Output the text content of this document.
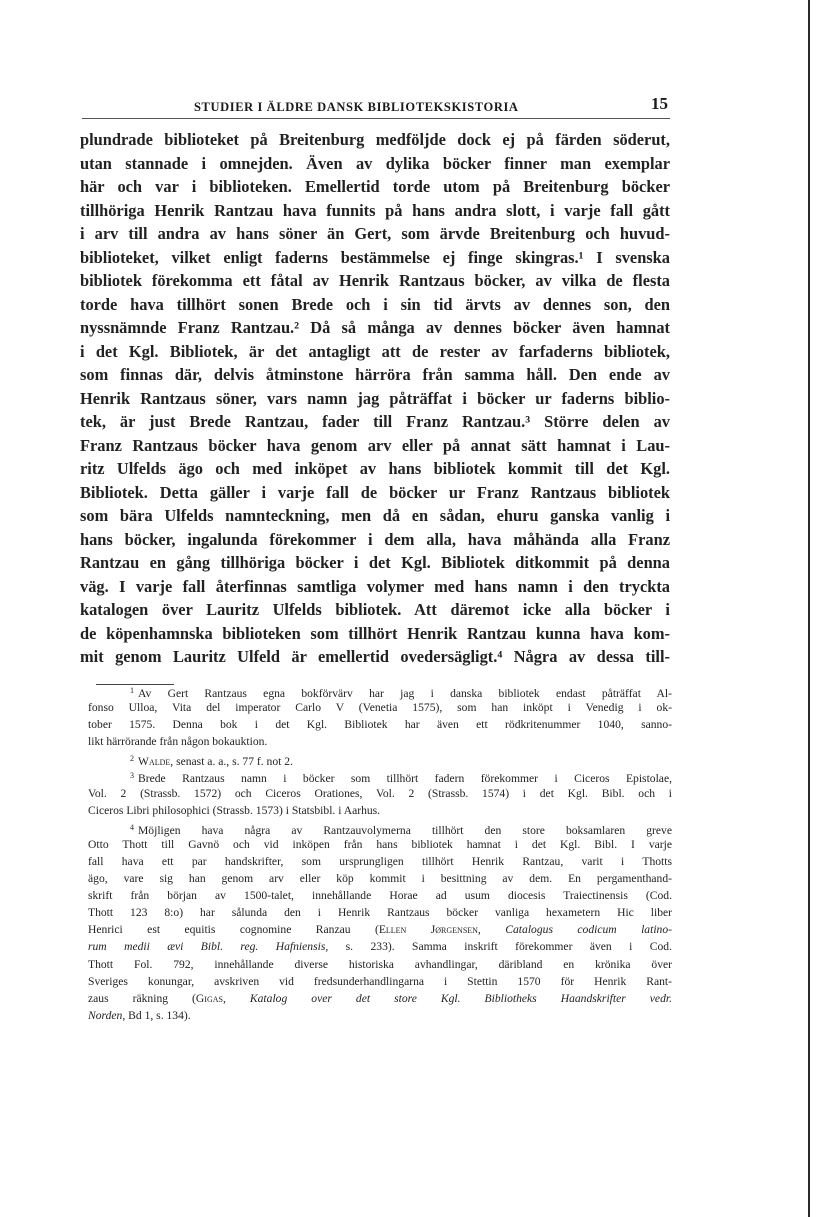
STUDIER I ÄLDRE DANSK BIBLIOTEKSKISTORIA	15
plundrade biblioteket på Breitenburg medföljde dock ej på färden söderut,
utan stannade i omnejden. Även av dylika böcker finner man exemplar
här och var i biblioteken. Emellertid torde utom på Breitenburg böcker
tillhöriga Henrik Rantzau hava funnits på hans andra slott, i varje fall gått
i arv till andra av hans söner än Gert, som ärvde Breitenburg och huvud-
biblioteket, vilket enligt faderns bestämmelse ej finge skingras.¹ I svenska
bibliotek förekomma ett fåtal av Henrik Rantzaus böcker, av vilka de flesta
torde hava tillhört sonen Brede och i sin tid ärvts av dennes son, den
nyssnämnde Franz Rantzau.² Då så många av dennes böcker även hamnat
i det Kgl. Bibliotek, är det antagligt att de rester av farfaderns bibliotek,
som finnas där, delvis åtminstone härröra från samma håll. Den ende av
Henrik Rantzaus söner, vars namn jag påträffat i böcker ur faderns biblio-
tek, är just Brede Rantzau, fader till Franz Rantzau.³ Större delen av
Franz Rantzaus böcker hava genom arv eller på annat sätt hamnat i Lau-
ritz Ulfelds ägo och med inköpet av hans bibliotek kommit till det Kgl.
Bibliotek. Detta gäller i varje fall de böcker ur Franz Rantzaus bibliotek
som bära Ulfelds namnteckning, men då en sådan, ehuru ganska vanlig i
hans böcker, ingalunda förekommer i dem alla, hava måhända alla Franz
Rantzau en gång tillhöriga böcker i det Kgl. Bibliotek ditkommit på denna
väg. I varje fall återfinnas samtliga volymer med hans namn i den tryckta
katalogen över Lauritz Ulfelds bibliotek. Att däremot icke alla böcker i
de köpenhamnska biblioteken som tillhört Henrik Rantzau kunna hava kom-
mit genom Lauritz Ulfeld är emellertid ovedersägligt.⁴ Några av dessa till-
$^1$ Av Gert Rantzaus egna bokförvärv har jag i danska bibliotek endast påträffat Al-
fonso Ulloa, Vita del imperator Carlo V (Venetia 1575), som han inköpt i Venedig i ok-
tober 1575. Denna bok i det Kgl. Bibliotek har även ett rödkritenummer 1040, sanno-
likt härrörande från någon bokauktion.
$^2$ Walde, senast a. a., s. 77 f. not 2.
$^3$ Brede Rantzaus namn i böcker som tillhört fadern förekommer i Ciceros Epistolae,
Vol. 2 (Strassb. 1572) och Ciceros Orationes, Vol. 2 (Strassb. 1574) i det Kgl. Bibl. och i
Ciceros Libri philosophici (Strassb. 1573) i Statsbibl. i Aarhus.
$^4$ Möjligen hava några av Rantzauvolymerna tillhört den store boksamlaren greve
Otto Thott till Gavnö och vid inköpen från hans bibliotek hamnat i det Kgl. Bibl. I varje
fall hava ett par handskrifter, som ursprungligen tillhört Henrik Rantzau, varit i Thotts
ägo, vare sig han genom arv eller köp kommit i besittning av dem. En pergamenthand-
skrift från början av 1500-talet, innehållande Horae ad usum diocesis Traiectinensis (Cod.
Thott 123 8:o) har sålunda den i Henrik Rantzaus böcker vanliga hexametern Hic liber
Henrici est equitis cognomine Ranzau (Ellen Jørgensen, Catalogus codicum latino-
rum medii ævi Bibl. reg. Hafniensis, s. 233). Samma inskrift förekommer även i Cod.
Thott Fol. 792, innehållande diverse historiska avhandlingar, däribland en krönika över
Sveriges konungar, avskriven vid fredsunderhandlingarna i Stettin 1570 för Henrik Rant-
zaus räkning (Gigas, Katalog over det store Kgl. Bibliotheks Haandskrifter vedr.
Norden, Bd 1, s. 134).
